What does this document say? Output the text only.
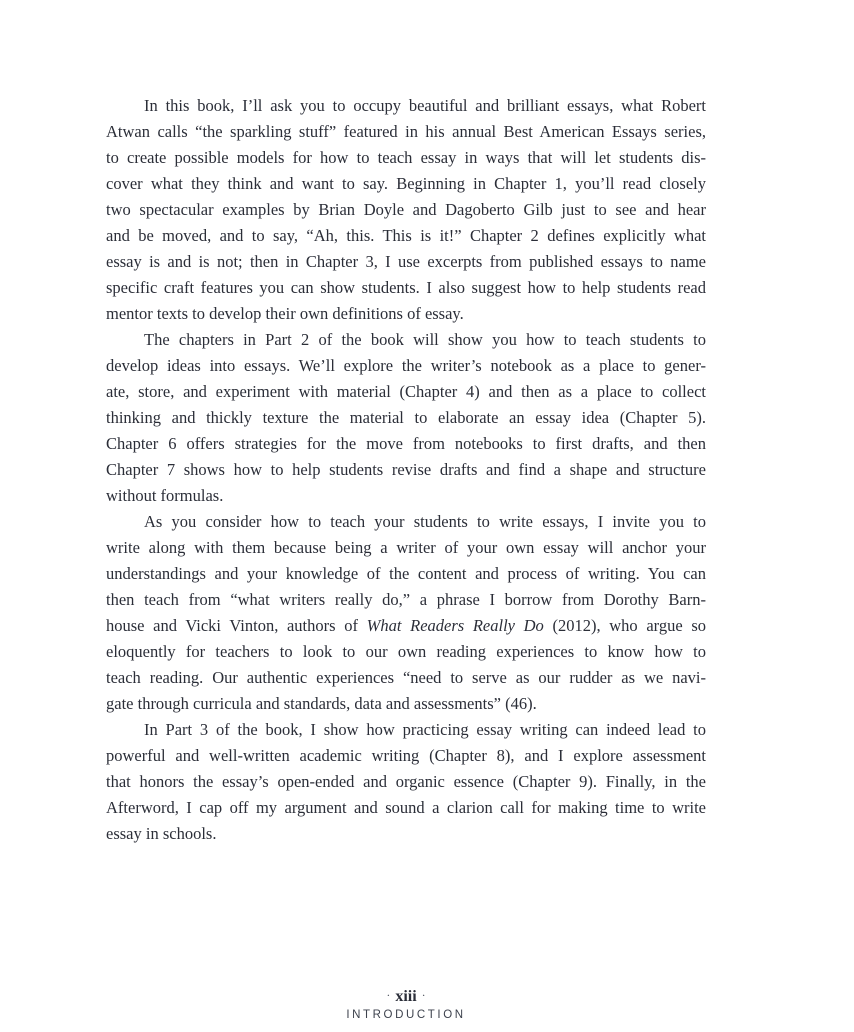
In this book, I’ll ask you to occupy beautiful and brilliant essays, what Robert
Atwan calls “the sparkling stuff” featured in his annual Best American Essays series,
to create possible models for how to teach essay in ways that will let students dis-
cover what they think and want to say. Beginning in Chapter 1, you’ll read closely
two spectacular examples by Brian Doyle and Dagoberto Gilb just to see and hear
and be moved, and to say, “Ah, this. This is it!” Chapter 2 defines explicitly what
essay is and is not; then in Chapter 3, I use excerpts from published essays to name
specific craft features you can show students. I also suggest how to help students read
mentor texts to develop their own definitions of essay.
The chapters in Part 2 of the book will show you how to teach students to
develop ideas into essays. We’ll explore the writer’s notebook as a place to gener-
ate, store, and experiment with material (Chapter 4) and then as a place to collect
thinking and thickly texture the material to elaborate an essay idea (Chapter 5).
Chapter 6 offers strategies for the move from notebooks to first drafts, and then
Chapter 7 shows how to help students revise drafts and find a shape and structure
without formulas.
As you consider how to teach your students to write essays, I invite you to
write along with them because being a writer of your own essay will anchor your
understandings and your knowledge of the content and process of writing. You can
then teach from “what writers really do,” a phrase I borrow from Dorothy Barn-
house and Vicki Vinton, authors of What Readers Really Do (2012), who argue so
eloquently for teachers to look to our own reading experiences to know how to
teach reading. Our authentic experiences “need to serve as our rudder as we navi-
gate through curricula and standards, data and assessments” (46).
In Part 3 of the book, I show how practicing essay writing can indeed lead to
powerful and well-written academic writing (Chapter 8), and I explore assessment
that honors the essay’s open-ended and organic essence (Chapter 9). Finally, in the
Afterword, I cap off my argument and sound a clarion call for making time to write
essay in schools.
· xiii ·
INTRODUCTION
